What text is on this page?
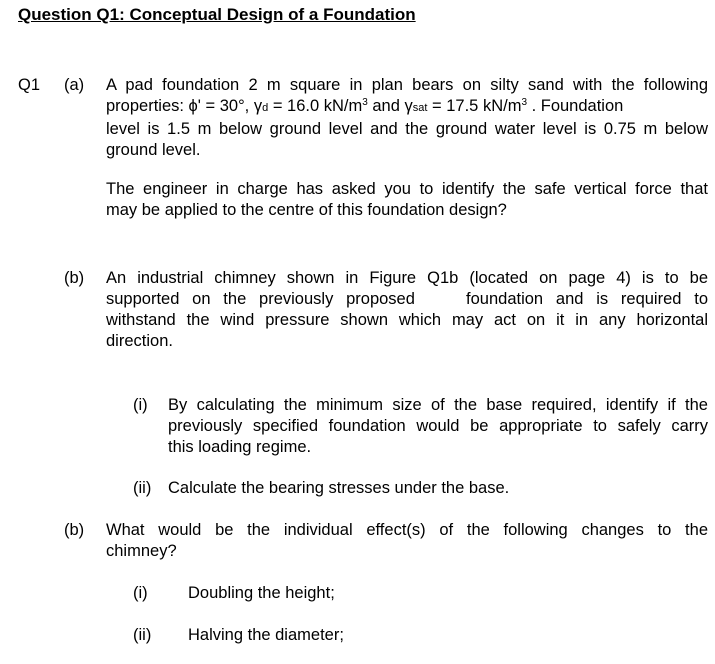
Question Q1: Conceptual Design of a Foundation
Q1 (a) A pad foundation 2 m square in plan bears on silty sand with the following
properties: ϕ' = 30°, γd = 16.0 $kN/m^3$ and γsat = 17.5 $kN/m^3$ . Foundation
level is 1.5 m below ground level and the ground water level is 0.75 m below
ground level.
The engineer in charge has asked you to identify the safe vertical force that
may be applied to the centre of this foundation design?
(b) An industrial chimney shown in Figure Q1b (located on page 4) is to be
supported on the previously proposed    foundation and is required to
withstand the wind pressure shown which may act on it in any horizontal
direction.
(i) By calculating the minimum size of the base required, identify if the
previously specified foundation would be appropriate to safely carry
this loading regime.
(ii) Calculate the bearing stresses under the base.
(b) What would be the individual effect(s) of the following changes to the
chimney?
(i) Doubling the height;
(ii) Halving the diameter;
